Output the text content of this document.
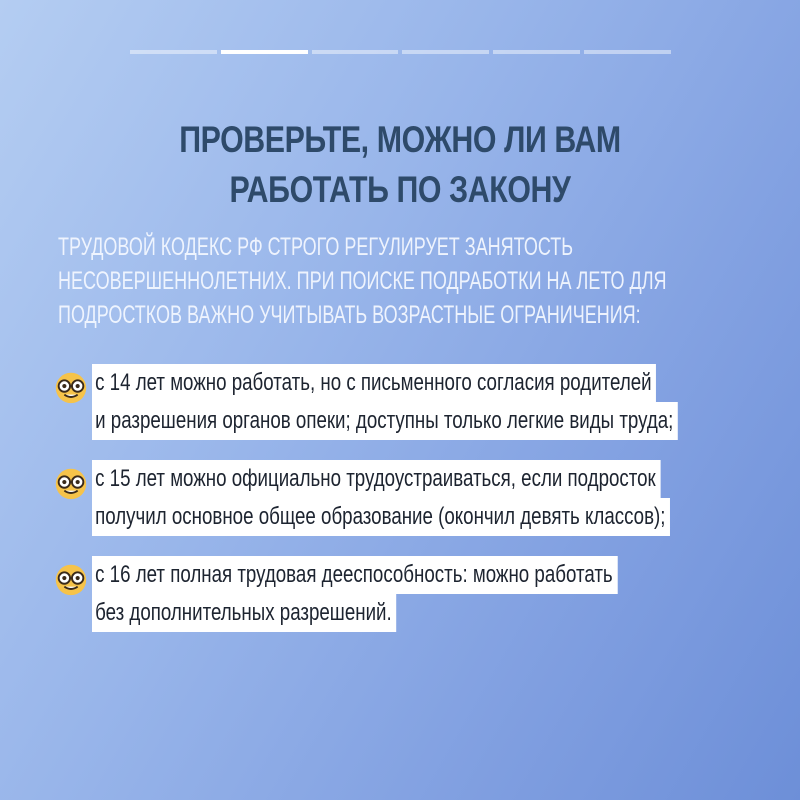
ПРОВЕРЬТЕ, МОЖНО ЛИ ВАМ
РАБОТАТЬ ПО ЗАКОНУ
ТРУДОВОЙ КОДЕКС РФ СТРОГО РЕГУЛИРУЕТ ЗАНЯТОСТЬ
НЕСОВЕРШЕННОЛЕТНИХ. ПРИ ПОИСКЕ ПОДРАБОТКИ НА ЛЕТО ДЛЯ
ПОДРОСТКОВ ВАЖНО УЧИТЫВАТЬ ВОЗРАСТНЫЕ ОГРАНИЧЕНИЯ:
с 14 лет можно работать, но с письменного согласия родителей
и разрешения органов опеки; доступны только легкие виды труда;
с 15 лет можно официально трудоустраиваться, если подросток
получил основное общее образование (окончил девять классов);
с 16 лет полная трудовая дееспособность: можно работать
без дополнительных разрешений.
